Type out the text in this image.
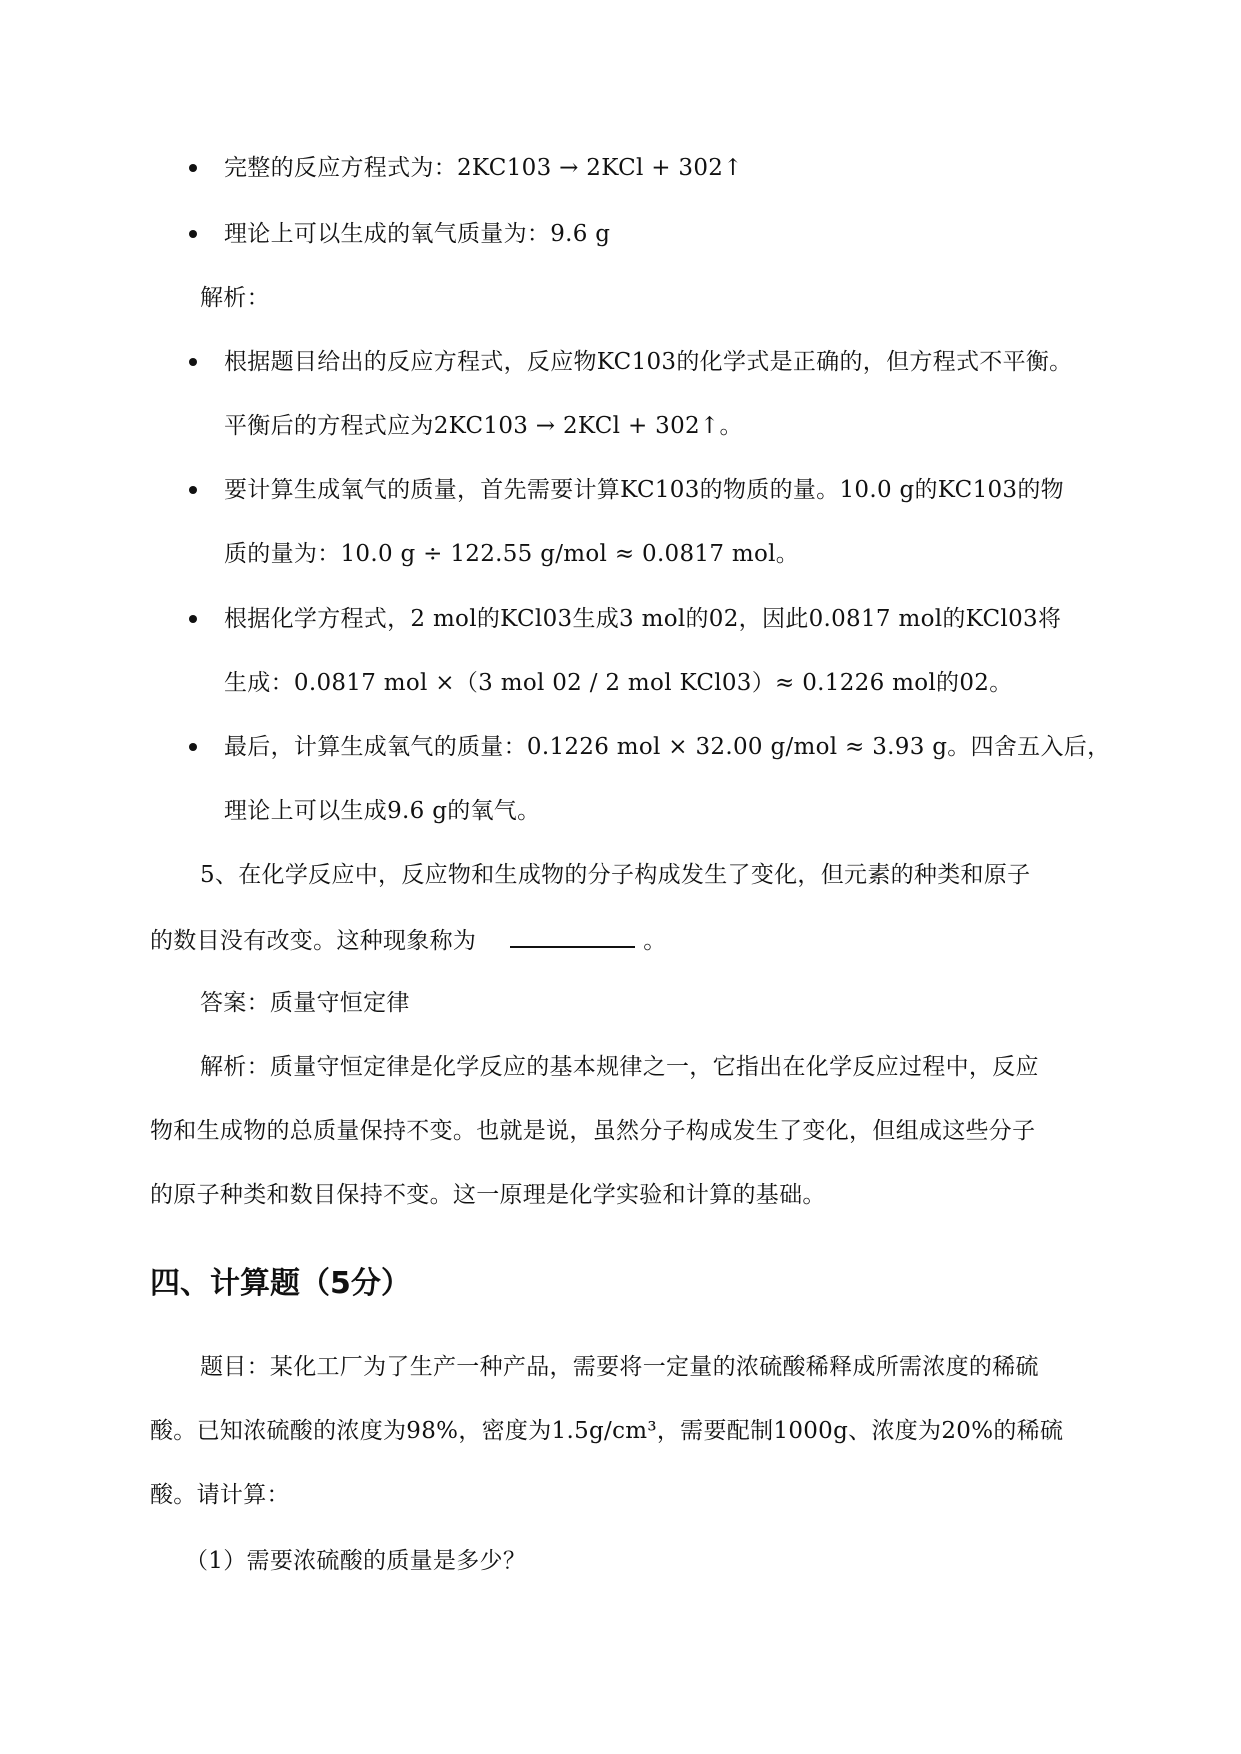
完整的反应方程式为：2KC103 → 2KCl + 302↑
理论上可以生成的氧气质量为：9.6 g
解析：
根据题目给出的反应方程式，反应物KC103的化学式是正确的，但方程式不平衡。
平衡后的方程式应为2KC103 → 2KCl + 302↑。
要计算生成氧气的质量，首先需要计算KC103的物质的量。10.0 g的KC103的物
质的量为：10.0 g ÷ 122.55 g/mol ≈ 0.0817 mol。
根据化学方程式，2 mol的KCl03生成3 mol的02，因此0.0817 mol的KCl03将
生成：0.0817 mol ×（3 mol 02 / 2 mol KCl03）≈ 0.1226 mol的02。
最后，计算生成氧气的质量：0.1226 mol × 32.00 g/mol ≈ 3.93 g。四舍五入后，
理论上可以生成9.6 g的氧气。
5、在化学反应中，反应物和生成物的分子构成发生了变化，但元素的种类和原子
的数目没有改变。这种现象称为	。
答案：质量守恒定律
解析：质量守恒定律是化学反应的基本规律之一，它指出在化学反应过程中，反应
物和生成物的总质量保持不变。也就是说，虽然分子构成发生了变化，但组成这些分子
的原子种类和数目保持不变。这一原理是化学实验和计算的基础。
四、计算题（5分）
题目：某化工厂为了生产一种产品，需要将一定量的浓硫酸稀释成所需浓度的稀硫
酸。已知浓硫酸的浓度为98%，密度为1.5g/cm³，需要配制1000g、浓度为20%的稀硫
酸。请计算：
（1）需要浓硫酸的质量是多少？
